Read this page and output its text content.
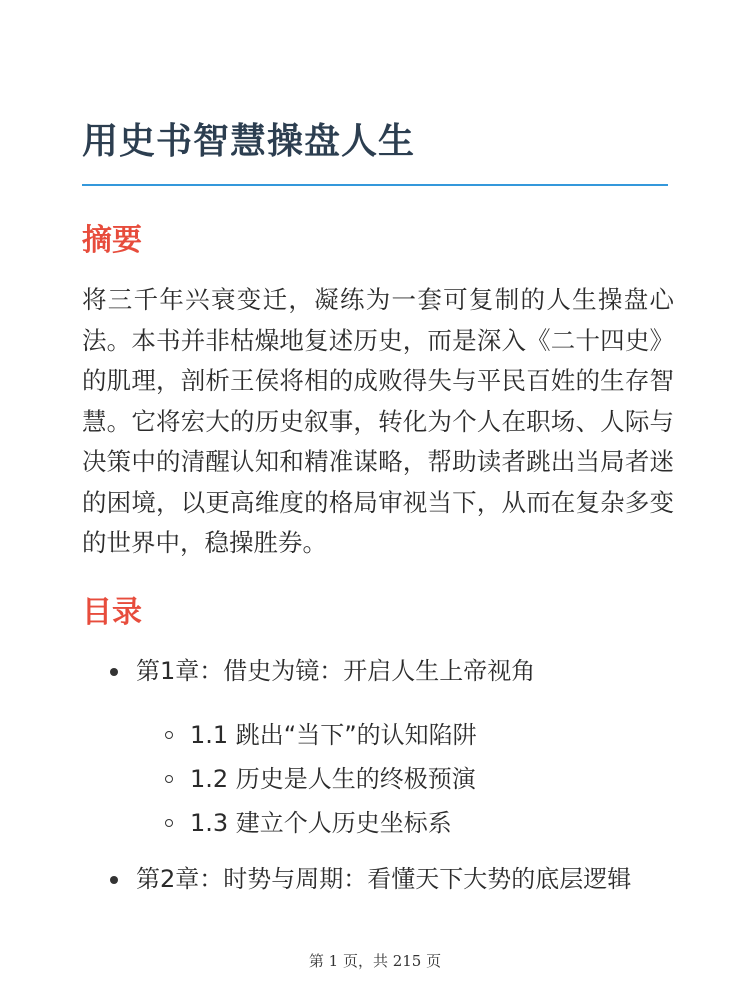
用史书智慧操盘人生
摘要

将三千年兴衰变迁，凝练为一套可复制的人生操盘心法。本书并非枯燥地复述历史，而是深入《二十四史》的肌理，剖析王侯将相的成败得失与平民百姓的生存智慧。它将宏大的历史叙事，转化为个人在职场、人际与决策中的清醒认知和精准谋略，帮助读者跳出当局者迷的困境，以更高维度的格局审视当下，从而在复杂多变的世界中，稳操胜券。

目录
第1章：借史为镜：开启人生上帝视角
1.1 跳出“当下”的认知陷阱
1.2 历史是人生的终极预演
1.3 建立个人历史坐标系
第2章：时势与周期：看懂天下大势的底层逻辑
第 1 页，共 215 页
